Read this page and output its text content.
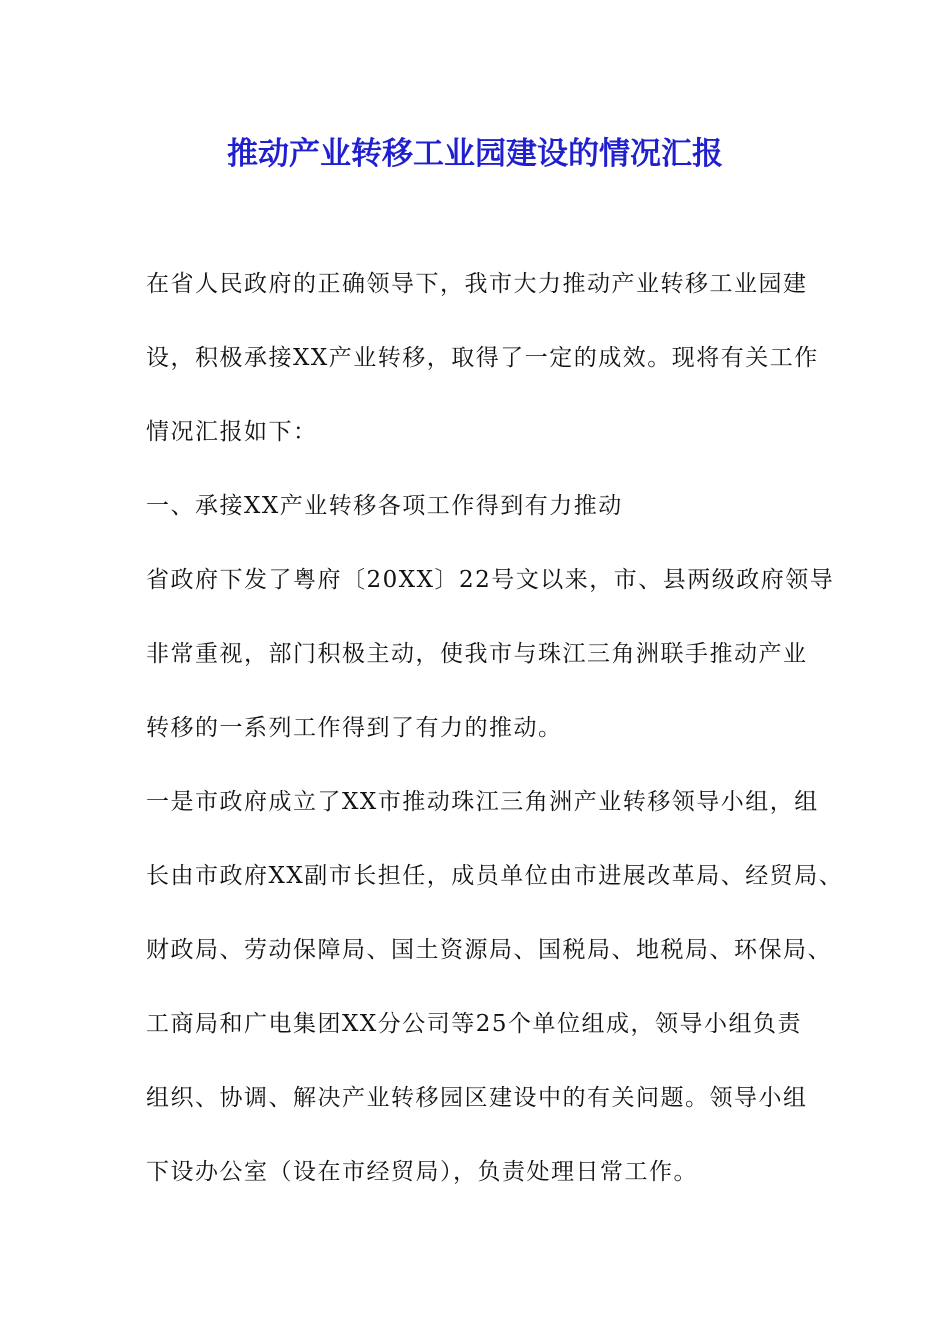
推动产业转移工业园建设的情况汇报

在省人民政府的正确领导下，我市大力推动产业转移工业园建

设，积极承接XX产业转移，取得了一定的成效。现将有关工作

情况汇报如下：

一、承接XX产业转移各项工作得到有力推动

省政府下发了粤府〔20XX〕22号文以来，市、县两级政府领导

非常重视，部门积极主动，使我市与珠江三角洲联手推动产业

转移的一系列工作得到了有力的推动。

一是市政府成立了XX市推动珠江三角洲产业转移领导小组，组

长由市政府XX副市长担任，成员单位由市进展改革局、经贸局、

财政局、劳动保障局、国土资源局、国税局、地税局、环保局、

工商局和广电集团XX分公司等25个单位组成，领导小组负责

组织、协调、解决产业转移园区建设中的有关问题。领导小组

下设办公室（设在市经贸局），负责处理日常工作。
